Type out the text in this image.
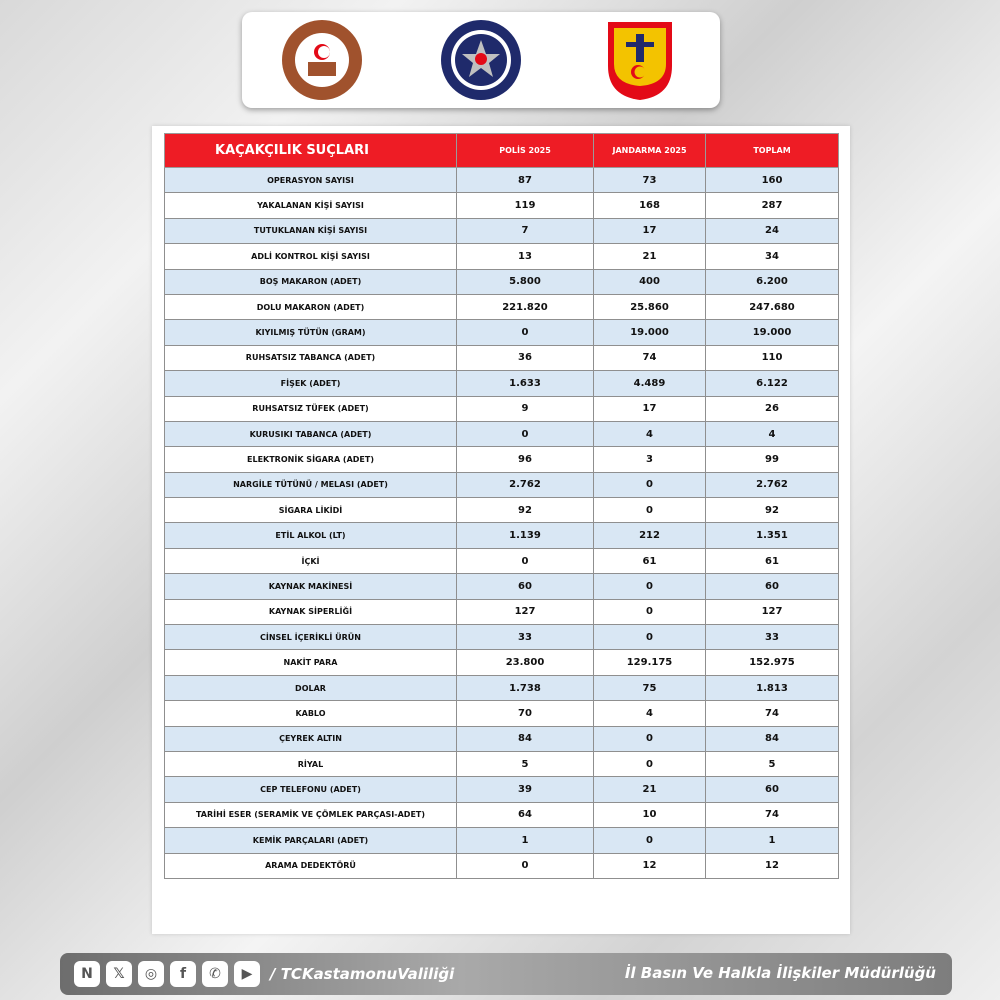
KAÇAKÇILIK SUÇLARI	POLİS 2025	JANDARMA 2025	TOPLAM
OPERASYON SAYISI	87	73	160
YAKALANAN KİŞİ SAYISI	119	168	287
TUTUKLANAN KİŞİ SAYISI	7	17	24
ADLİ KONTROL KİŞİ SAYISI	13	21	34
BOŞ MAKARON (ADET)	5.800	400	6.200
DOLU MAKARON (ADET)	221.820	25.860	247.680
KIYILMIŞ TÜTÜN (GRAM)	0	19.000	19.000
RUHSATSIZ TABANCA (ADET)	36	74	110
FİŞEK (ADET)	1.633	4.489	6.122
RUHSATSIZ TÜFEK (ADET)	9	17	26
KURUSIKI TABANCA (ADET)	0	4	4
ELEKTRONİK SİGARA (ADET)	96	3	99
NARGİLE TÜTÜNÜ / MELASI (ADET)	2.762	0	2.762
SİGARA LİKİDİ	92	0	92
ETİL ALKOL (LT)	1.139	212	1.351
İÇKİ	0	61	61
KAYNAK MAKİNESİ	60	0	60
KAYNAK SİPERLİĞİ	127	0	127
CİNSEL İÇERİKLİ ÜRÜN	33	0	33
NAKİT PARA	23.800	129.175	152.975
DOLAR	1.738	75	1.813
KABLO	70	4	74
ÇEYREK ALTIN	84	0	84
RİYAL	5	0	5
CEP TELEFONU (ADET)	39	21	60
TARİHİ ESER (SERAMİK VE ÇÖMLEK PARÇASI-ADET)	64	10	74
KEMİK PARÇALARI (ADET)	1	0	1
ARAMA DEDEKTÖRÜ	0	12	12
N	𝕏	◎	f	✆	▶	/ TCKastamonuValiliği	İl Basın Ve Halkla İlişkiler Müdürlüğü
